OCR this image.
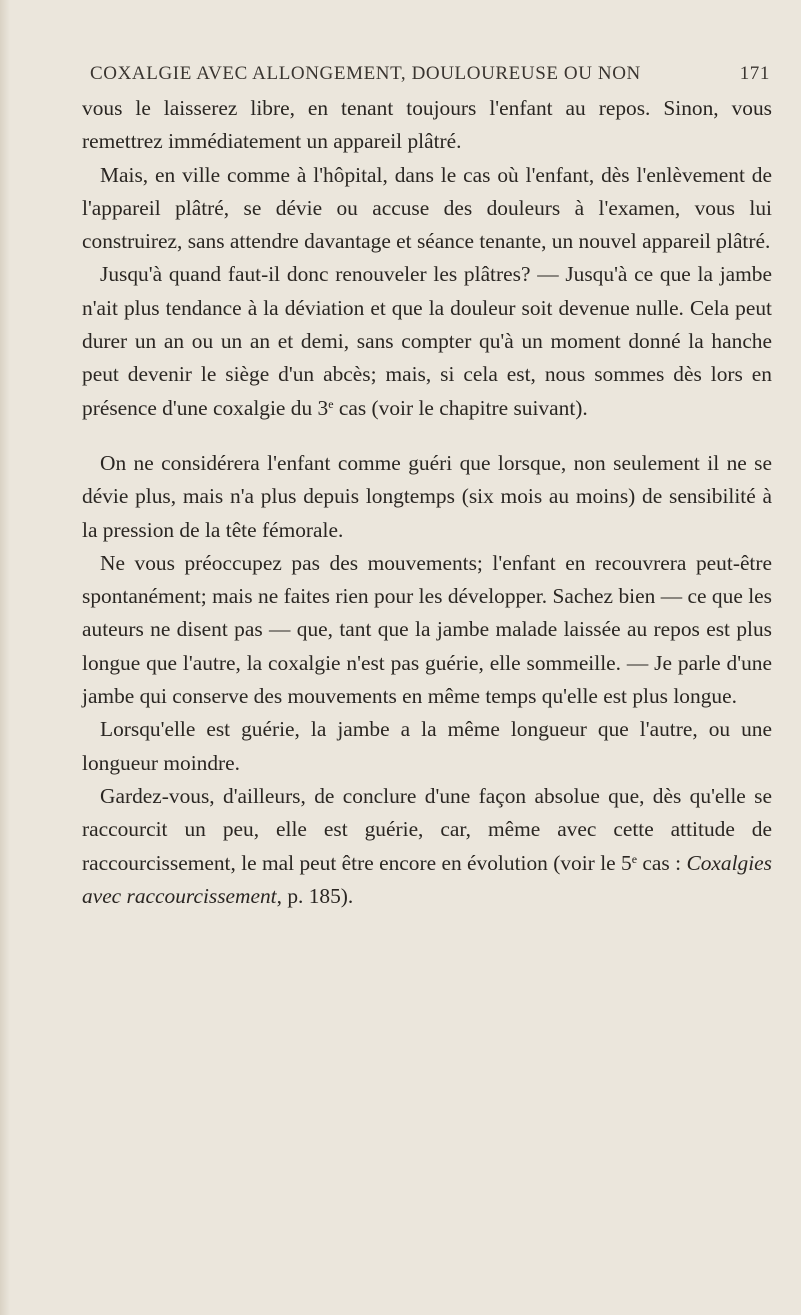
COXALGIE AVEC ALLONGEMENT, DOULOUREUSE OU NON	171

vous le laisserez libre, en tenant toujours l'enfant au repos. Sinon, vous remettrez immédiatement un appareil plâtré.

Mais, en ville comme à l'hôpital, dans le cas où l'enfant, dès l'enlèvement de l'appareil plâtré, se dévie ou accuse des douleurs à l'examen, vous lui construirez, sans attendre davantage et séance tenante, un nouvel appareil plâtré.

Jusqu'à quand faut-il donc renouveler les plâtres? — Jusqu'à ce que la jambe n'ait plus tendance à la déviation et que la douleur soit devenue nulle. Cela peut durer un an ou un an et demi, sans compter qu'à un moment donné la hanche peut devenir le siège d'un abcès; mais, si cela est, nous sommes dès lors en présence d'une coxalgie du 3e cas (voir le chapitre suivant).

On ne considérera l'enfant comme guéri que lorsque, non seulement il ne se dévie plus, mais n'a plus depuis longtemps (six mois au moins) de sensibilité à la pression de la tête fémorale.

Ne vous préoccupez pas des mouvements; l'enfant en recouvrera peut-être spontanément; mais ne faites rien pour les développer. Sachez bien — ce que les auteurs ne disent pas — que, tant que la jambe malade laissée au repos est plus longue que l'autre, la coxalgie n'est pas guérie, elle sommeille. — Je parle d'une jambe qui conserve des mouvements en même temps qu'elle est plus longue.

Lorsqu'elle est guérie, la jambe a la même longueur que l'autre, ou une longueur moindre.

Gardez-vous, d'ailleurs, de conclure d'une façon absolue que, dès qu'elle se raccourcit un peu, elle est guérie, car, même avec cette attitude de raccourcissement, le mal peut être encore en évolution (voir le 5e cas : Coxalgies avec raccourcissement, p. 185).
